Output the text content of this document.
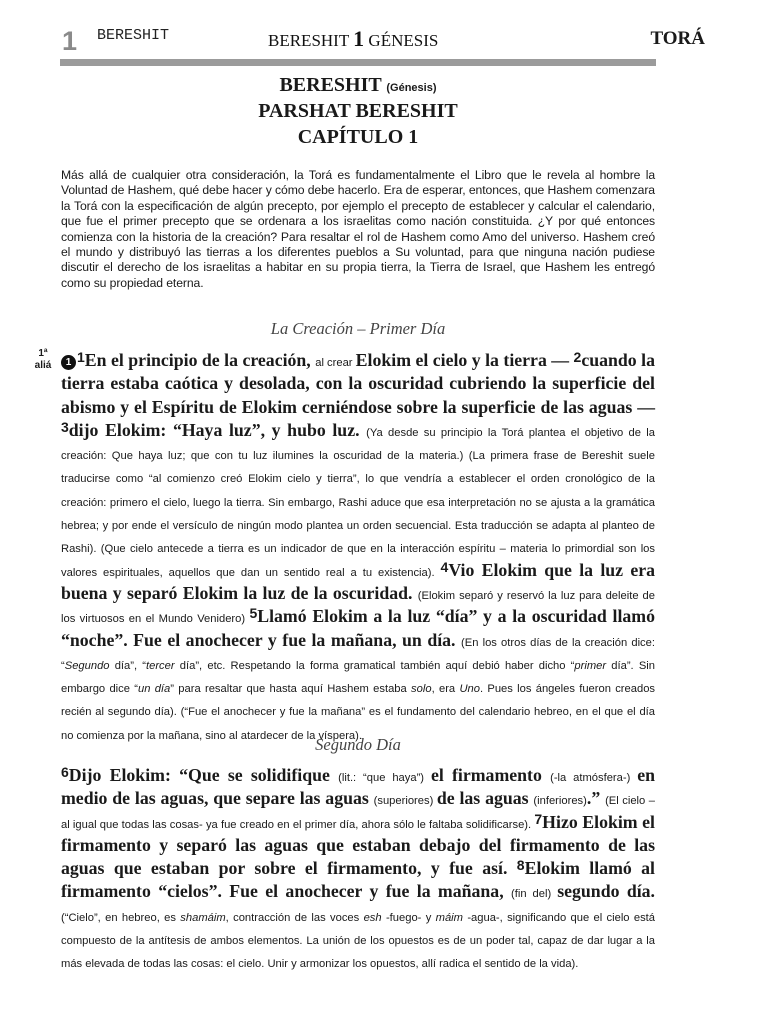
1 BERESHIT	BERESHIT 1 GÉNESIS	TORÁ
BERESHIT (Génesis)
PARSHAT BERESHIT
CAPÍTULO 1
Más allá de cualquier otra consideración, la Torá es fundamentalmente el Libro que le revela al hombre la Voluntad de Hashem, qué debe hacer y cómo debe hacerlo. Era de esperar, entonces, que Hashem comenzara la Torá con la especificación de algún precepto, por ejemplo el precepto de establecer y calcular el calendario, que fue el primer precepto que se ordenara a los israelitas como nación constituida. ¿Y por qué entonces comienza con la historia de la creación? Para resaltar el rol de Hashem como Amo del universo. Hashem creó el mundo y distribuyó las tierras a los diferentes pueblos a Su voluntad, para que ninguna nación pudiese discutir el derecho de los israelitas a habitar en su propia tierra, la Tierra de Israel, que Hashem les entregó como su propiedad eterna.
La Creación – Primer Día
1ª
aliá	1 $^1$En el principio de la creación, al crear Elokim el cielo y la tierra — $^2$cuando la tierra estaba caótica y desolada, con la oscuridad cubriendo la superficie del abismo y el Espíritu de Elokim cerniéndose sobre la superficie de las aguas — $^3$dijo Elokim: “Haya luz”, y hubo luz. (Ya desde su principio la Torá plantea el objetivo de la creación: Que haya luz; que con tu luz ilumines la oscuridad de la materia.) (La primera frase de Bereshit suele traducirse como “al comienzo creó Elokim cielo y tierra”, lo que vendría a establecer el orden cronológico de la creación: primero el cielo, luego la tierra. Sin embargo, Rashi aduce que esa interpretación no se ajusta a la gramática hebrea; y por ende el versículo de ningún modo plantea un orden secuencial. Esta traducción se adapta al planteo de Rashi). (Que cielo antecede a tierra es un indicador de que en la interacción espíritu – materia lo primordial son los valores espirituales, aquellos que dan un sentido real a tu existencia). $^4$Vio Elokim que la luz era buena y separó Elokim la luz de la oscuridad. (Elokim separó y reservó la luz para deleite de los virtuosos en el Mundo Venidero) $^5$Llamó Elokim a la luz “día” y a la oscuridad llamó “noche”. Fue el anochecer y fue la mañana, un día. (En los otros días de la creación dice: “Segundo día”, “tercer día”, etc. Respetando la forma gramatical también aquí debió haber dicho “primer día”. Sin embargo dice “un día” para resaltar que hasta aquí Hashem estaba solo, era Uno. Pues los ángeles fueron creados recién al segundo día). (“Fue el anochecer y fue la mañana” es el fundamento del calendario hebreo, en el que el día no comienza por la mañana, sino al atardecer de la víspera).
Segundo Día
$^6$Dijo Elokim: “Que se solidifique (lit.: “que haya”) el firmamento (-la atmósfera-) en medio de las aguas, que separe las aguas (superiores) de las aguas (inferiores).” (El cielo –al igual que todas las cosas- ya fue creado en el primer día, ahora sólo le faltaba solidificarse). $^7$Hizo Elokim el firmamento y separó las aguas que estaban debajo del firmamento de las aguas que estaban por sobre el firmamento, y fue así. $^8$Elokim llamó al firmamento “cielos”. Fue el anochecer y fue la mañana, (fin del) segundo día. (“Cielo”, en hebreo, es shamáim, contracción de las voces esh -fuego- y máim -agua-, significando que el cielo está compuesto de la antítesis de ambos elementos. La unión de los opuestos es de un poder tal, capaz de dar lugar a la más elevada de todas las cosas: el cielo. Unir y armonizar los opuestos, allí radica el sentido de la vida).
